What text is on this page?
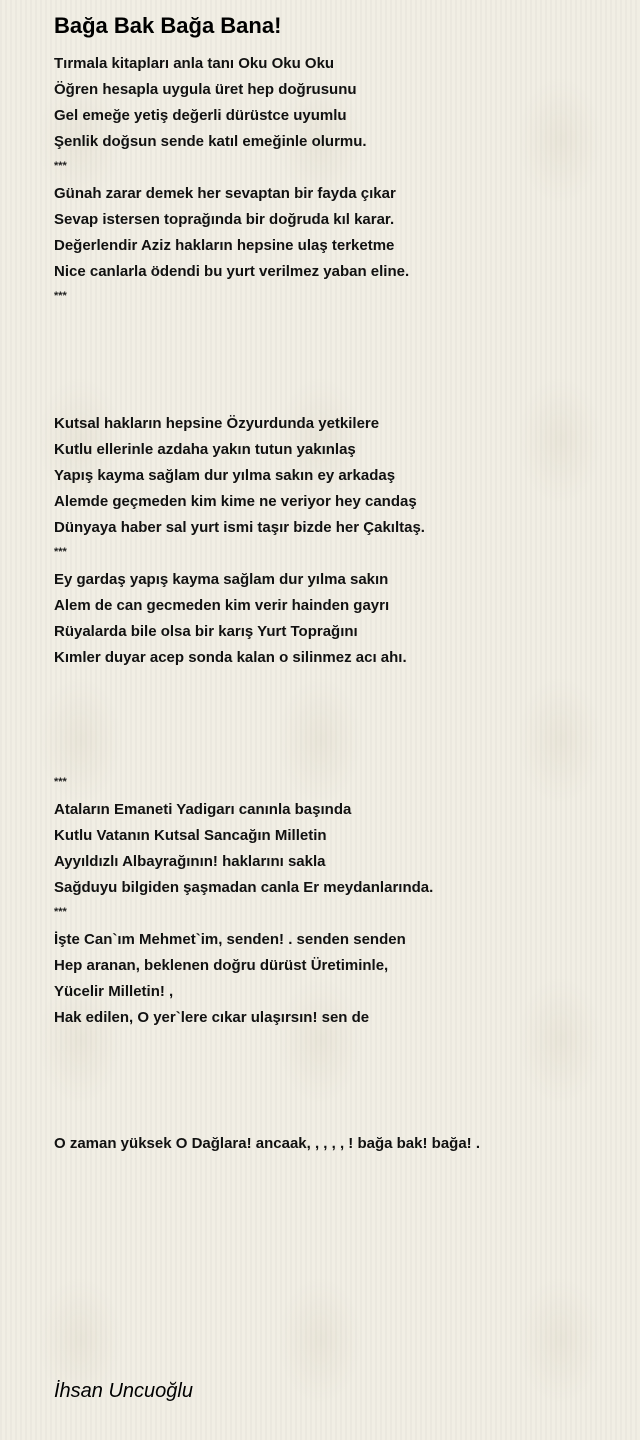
Bağa Bak Bağa Bana!

Tırmala kitapları anla tanı Oku Oku Oku

Öğren hesapla uygula üret hep doğrusunu

Gel emeğe yetiş değerli dürüstce uyumlu

Şenlik doğsun sende katıl emeğinle olurmu.

***

Günah zarar demek her sevaptan bir fayda çıkar

Sevap istersen toprağında bir doğruda kıl karar.

Değerlendir Aziz hakların hepsine ulaş terketme

Nice canlarla ödendi bu yurt verilmez yaban eline.

***

Kutsal hakların hepsine Özyurdunda yetkilere

Kutlu ellerinle azdaha yakın tutun yakınlaş

Yapış kayma sağlam dur yılma sakın ey arkadaş

Alemde geçmeden kim kime ne veriyor hey candaş

Dünyaya haber sal yurt ismi taşır bizde her Çakıltaş.

***

Ey gardaş yapış kayma sağlam dur yılma sakın

Alem de can gecmeden kim verir hainden gayrı

Rüyalarda bile olsa bir karış Yurt Toprağını

Kımler duyar acep sonda kalan o silinmez acı ahı.

***

Ataların Emaneti Yadigarı canınla başında

Kutlu Vatanın Kutsal Sancağın Milletin

Ayyıldızlı Albayrağının! haklarını sakla

Sağduyu bilgiden şaşmadan canla Er meydanlarında.

***

İşte Can`ım Mehmet`im, senden! . senden senden

Hep aranan, beklenen doğru dürüst Üretiminle,

Yücelir Milletin! ,

Hak edilen, O yer`lere cıkar ulaşırsın! sen de

O zaman yüksek O Dağlara! ancaak, , , , , ! bağa bak! bağa! .

İhsan Uncuoğlu
